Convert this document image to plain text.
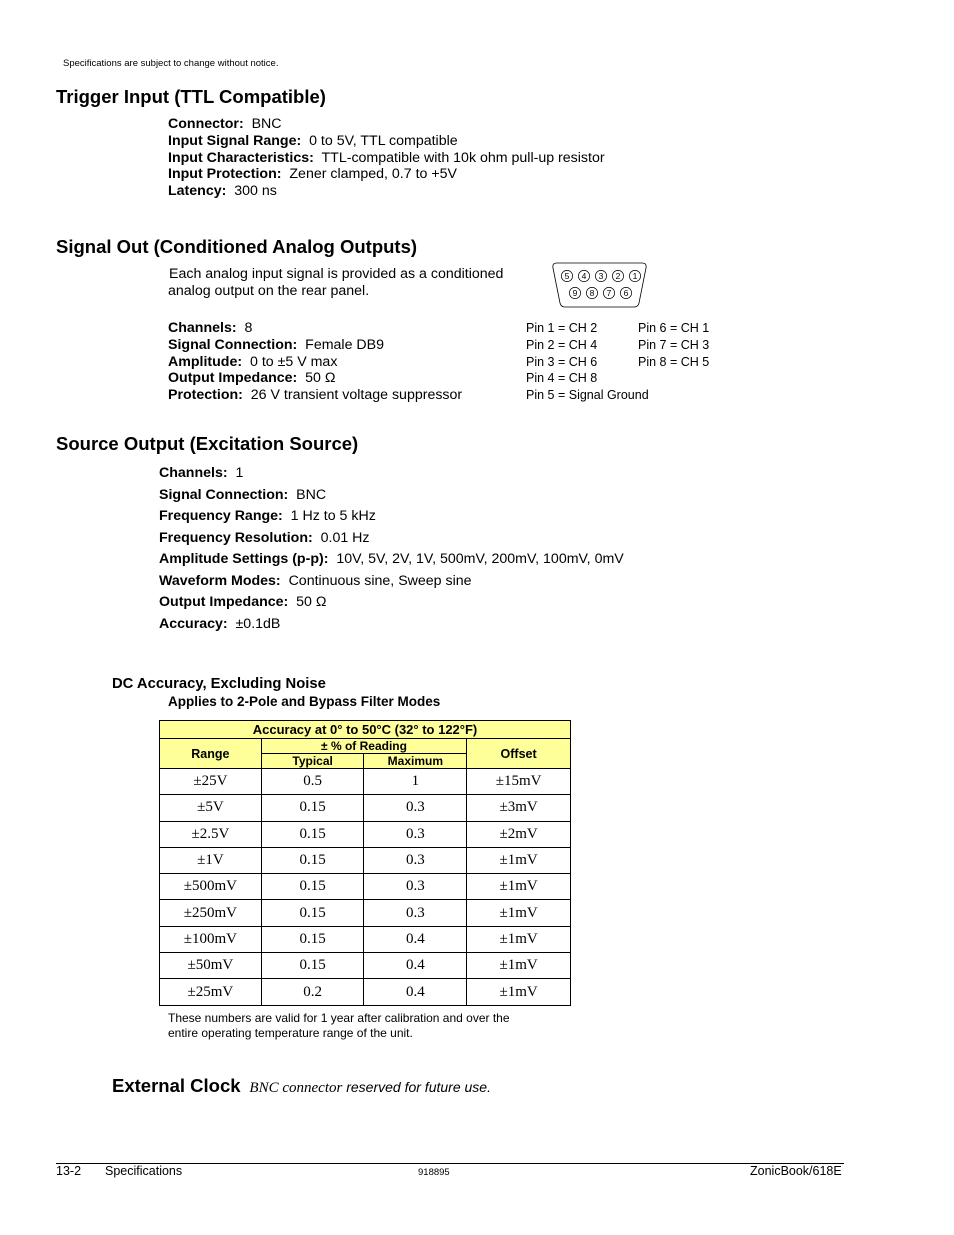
Specifications are subject to change without notice.
Trigger Input (TTL Compatible)
Connector: BNC
Input Signal Range: 0 to 5V, TTL compatible
Input Characteristics: TTL-compatible with 10k ohm pull-up resistor
Input Protection: Zener clamped, 0.7 to +5V
Latency: 300 ns
Signal Out (Conditioned Analog Outputs)
Each analog input signal is provided as a conditioned
analog output on the rear panel.
5 4 3 2 1
9 8 7 6
Channels: 8
Signal Connection: Female DB9
Amplitude: 0 to ±5 V max
Output Impedance: 50 Ω
Protection: 26 V transient voltage suppressor
Pin 1 = CH 2
Pin 2 = CH 4
Pin 3 = CH 6
Pin 4 = CH 8
Pin 5 = Signal Ground
Pin 6 = CH 1
Pin 7 = CH 3
Pin 8 = CH 5
Source Output (Excitation Source)
Channels: 1
Signal Connection: BNC
Frequency Range: 1 Hz to 5 kHz
Frequency Resolution: 0.01 Hz
Amplitude Settings (p-p): 10V, 5V, 2V, 1V, 500mV, 200mV, 100mV, 0mV
Waveform Modes: Continuous sine, Sweep sine
Output Impedance: 50 Ω
Accuracy: ±0.1dB
DC Accuracy, Excluding Noise
Applies to 2-Pole and Bypass Filter Modes
Accuracy at 0° to 50°C (32° to 122°F)			
Range	± % of Reading		Offset
	Typical	Maximum	
±25V	0.5	1	±15mV
±5V	0.15	0.3	±3mV
±2.5V	0.15	0.3	±2mV
±1V	0.15	0.3	±1mV
±500mV	0.15	0.3	±1mV
±250mV	0.15	0.3	±1mV
±100mV	0.15	0.4	±1mV
±50mV	0.15	0.4	±1mV
±25mV	0.2	0.4	±1mV
These numbers are valid for 1 year after calibration and over the
entire operating temperature range of the unit.
External Clock BNC connector reserved for future use.
13-2 Specifications	918895	ZonicBook/618E
